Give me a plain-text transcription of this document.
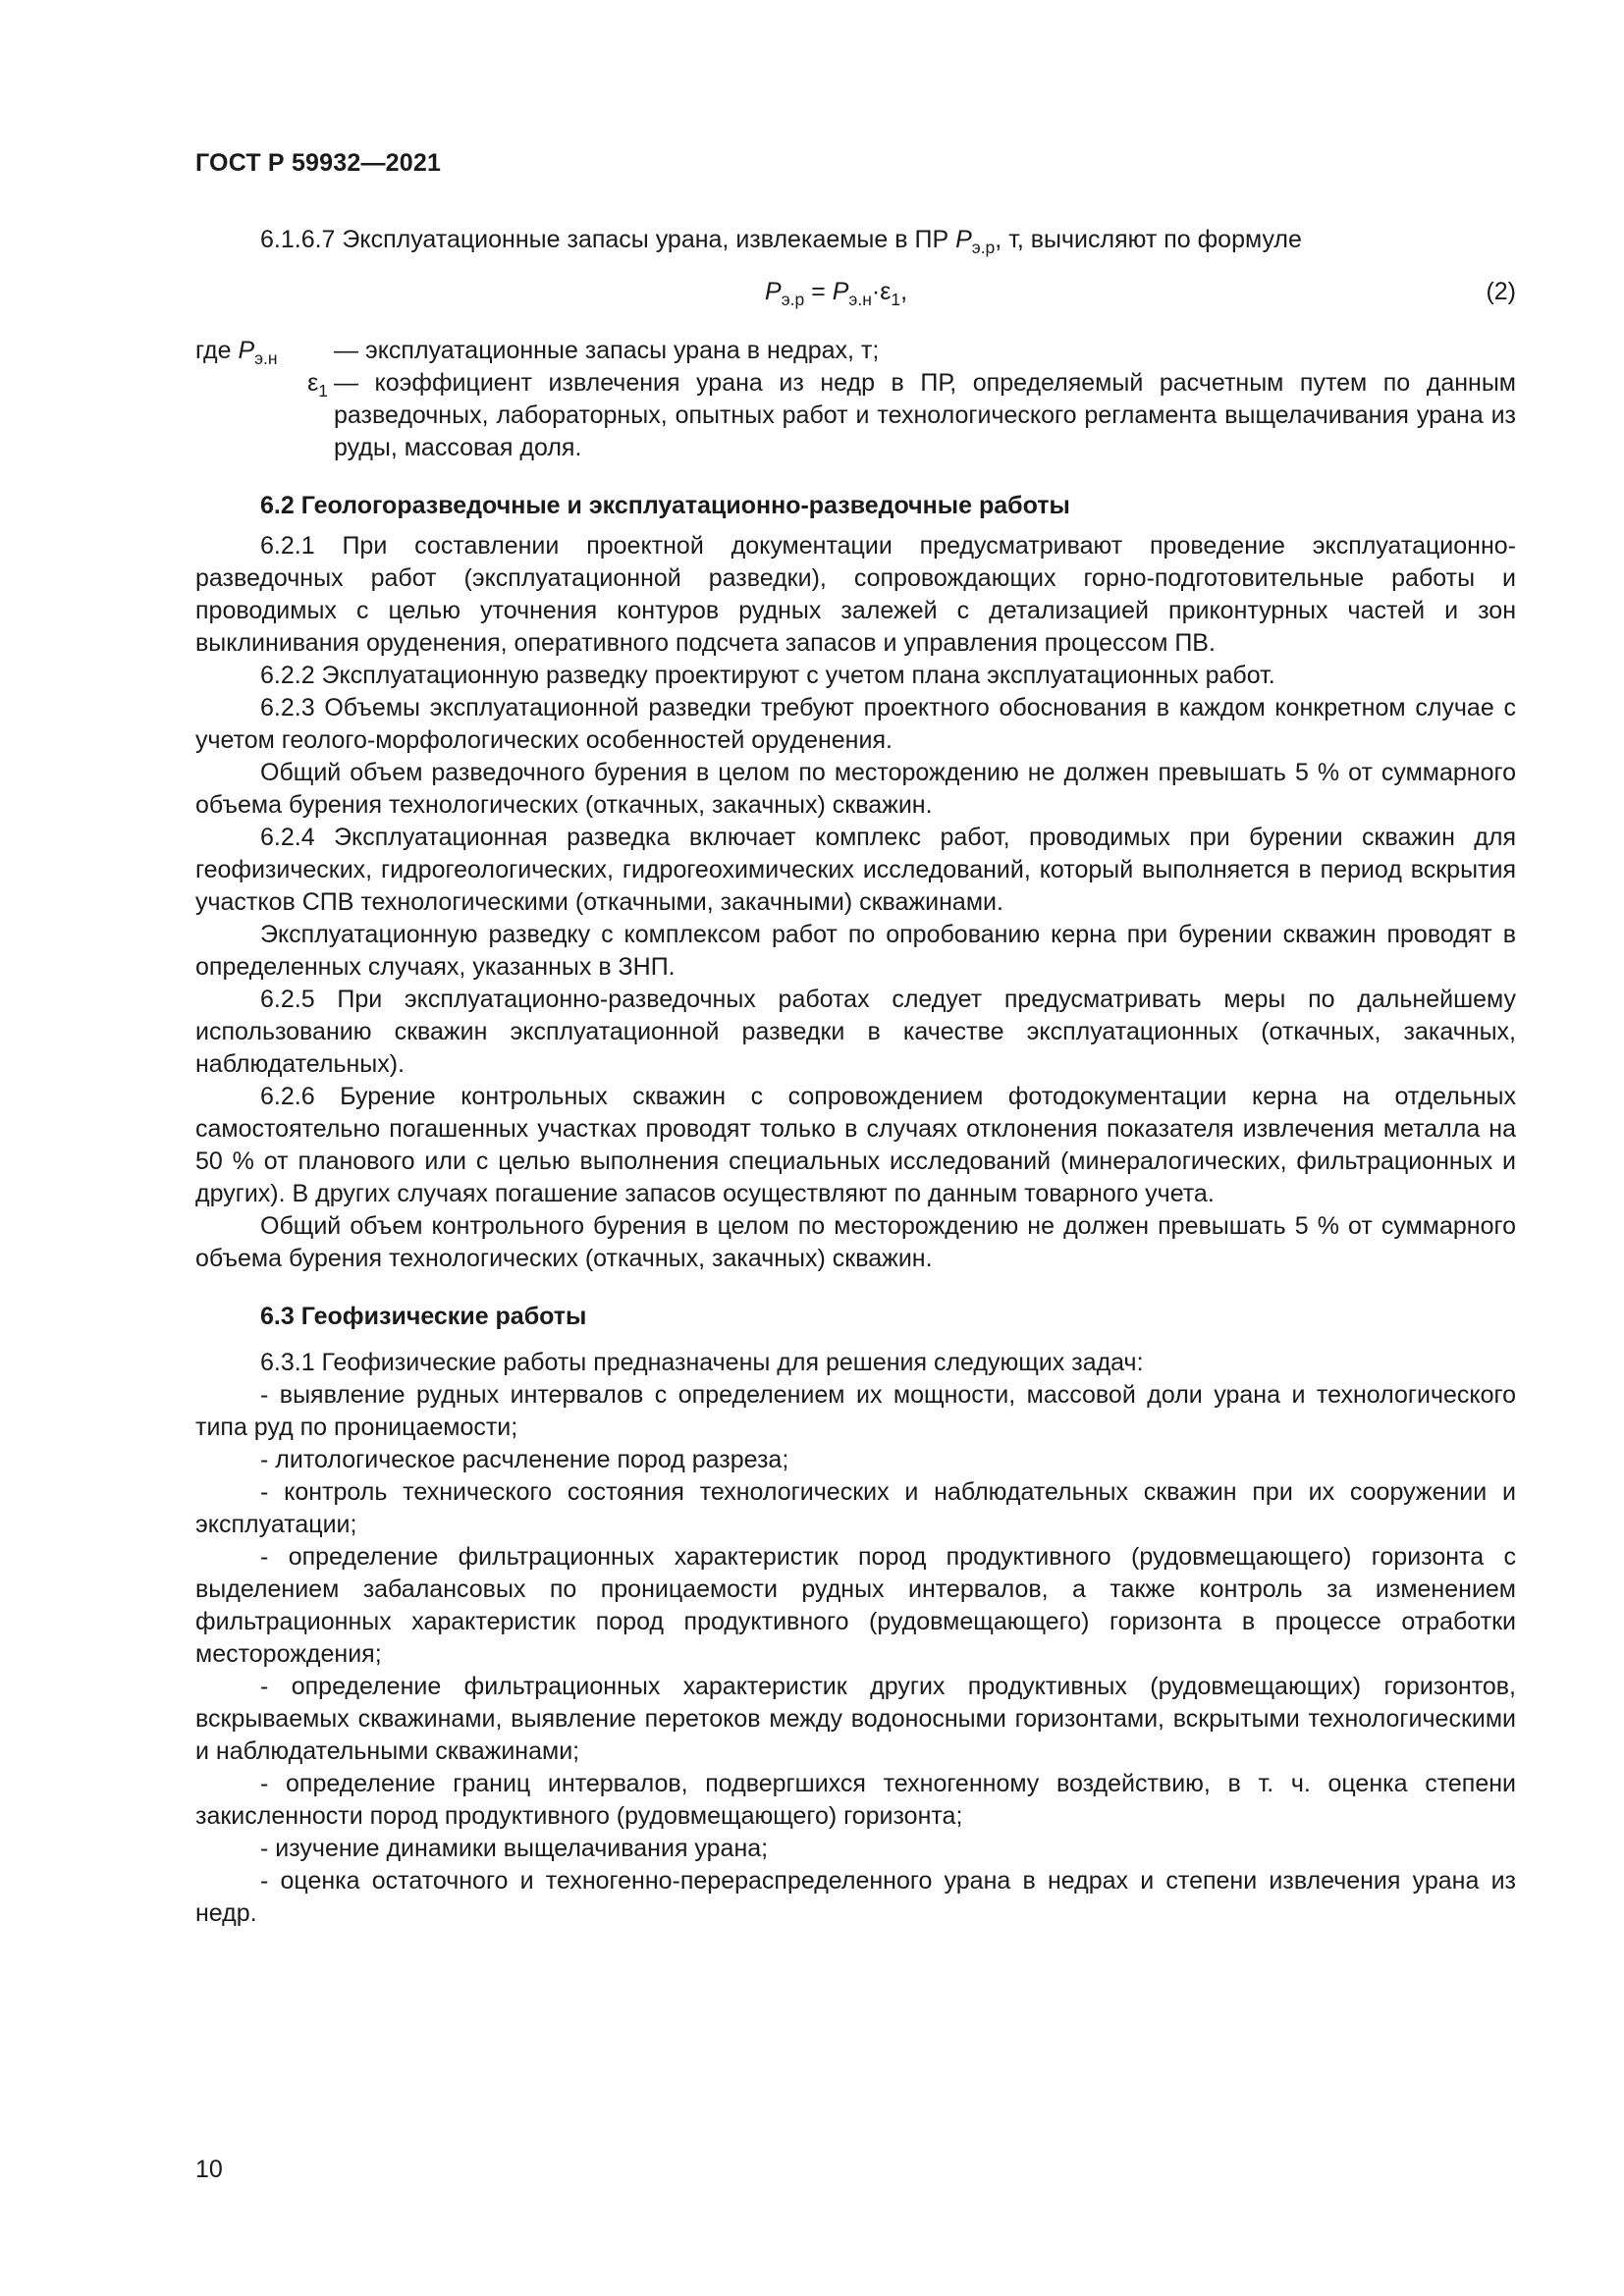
ГОСТ Р 59932—2021

6.1.6.7 Эксплуатационные запасы урана, извлекаемые в ПР $P_{э.р}$, т, вычисляют по формуле

$P_{э.р} = P_{э.н}\cdot\varepsilon_1$,	(2)
где $P_{э.н}$	— эксплуатационные запасы урана в недрах, т;
$\varepsilon_1$ — коэффициент извлечения урана из недр в ПР, определяемый расчетным путем по данным разведочных, лабораторных, опытных работ и технологического регламента выщелачивания урана из руды, массовая доля.

6.2 Геологоразведочные и эксплуатационно-разведочные работы

6.2.1 При составлении проектной документации предусматривают проведение эксплуатационно-разведочных работ (эксплуатационной разведки), сопровождающих горно-подготовительные работы и проводимых с целью уточнения контуров рудных залежей с детализацией приконтурных частей и зон выклинивания оруденения, оперативного подсчета запасов и управления процессом ПВ.

6.2.2 Эксплуатационную разведку проектируют с учетом плана эксплуатационных работ.

6.2.3 Объемы эксплуатационной разведки требуют проектного обоснования в каждом конкретном случае с учетом геолого-морфологических особенностей оруденения.

Общий объем разведочного бурения в целом по месторождению не должен превышать 5 % от суммарного объема бурения технологических (откачных, закачных) скважин.

6.2.4 Эксплуатационная разведка включает комплекс работ, проводимых при бурении скважин для геофизических, гидрогеологических, гидрогеохимических исследований, который выполняется в период вскрытия участков СПВ технологическими (откачными, закачными) скважинами.

Эксплуатационную разведку с комплексом работ по опробованию керна при бурении скважин проводят в определенных случаях, указанных в ЗНП.

6.2.5 При эксплуатационно-разведочных работах следует предусматривать меры по дальнейшему использованию скважин эксплуатационной разведки в качестве эксплуатационных (откачных, закачных, наблюдательных).

6.2.6 Бурение контрольных скважин с сопровождением фотодокументации керна на отдельных самостоятельно погашенных участках проводят только в случаях отклонения показателя извлечения металла на 50 % от планового или с целью выполнения специальных исследований (минералогических, фильтрационных и других). В других случаях погашение запасов осуществляют по данным товарного учета.

Общий объем контрольного бурения в целом по месторождению не должен превышать 5 % от суммарного объема бурения технологических (откачных, закачных) скважин.

6.3 Геофизические работы

6.3.1 Геофизические работы предназначены для решения следующих задач:

- выявление рудных интервалов с определением их мощности, массовой доли урана и технологического типа руд по проницаемости;

- литологическое расчленение пород разреза;

- контроль технического состояния технологических и наблюдательных скважин при их сооружении и эксплуатации;

- определение фильтрационных характеристик пород продуктивного (рудовмещающего) горизонта с выделением забалансовых по проницаемости рудных интервалов, а также контроль за изменением фильтрационных характеристик пород продуктивного (рудовмещающего) горизонта в процессе отработки месторождения;

- определение фильтрационных характеристик других продуктивных (рудовмещающих) горизонтов, вскрываемых скважинами, выявление перетоков между водоносными горизонтами, вскрытыми технологическими и наблюдательными скважинами;

- определение границ интервалов, подвергшихся техногенному воздействию, в т. ч. оценка степени закисленности пород продуктивного (рудовмещающего) горизонта;

- изучение динамики выщелачивания урана;

- оценка остаточного и техногенно-перераспределенного урана в недрах и степени извлечения урана из недр.

10
